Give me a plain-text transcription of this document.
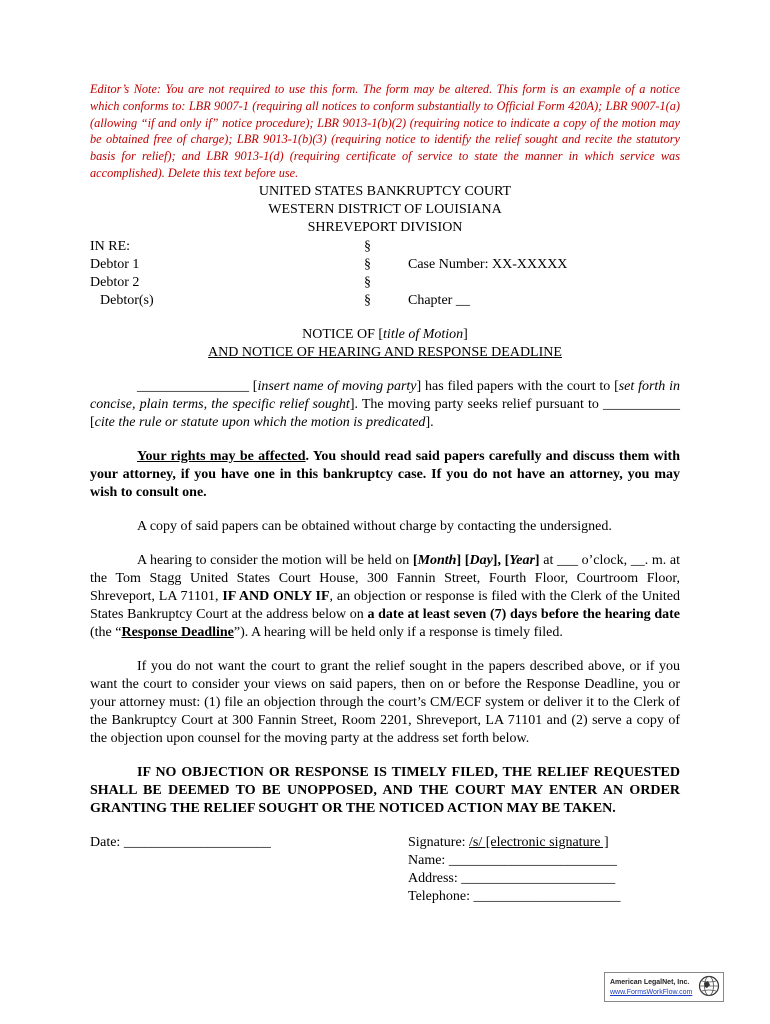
Editor’s Note: You are not required to use this form. The form may be altered. This form is an example of a notice which conforms to: LBR 9007-1 (requiring all notices to conform substantially to Official Form 420A); LBR 9007-1(a) (allowing “if and only if” notice procedure); LBR 9013-1(b)(2) (requiring notice to indicate a copy of the motion may be obtained free of charge); LBR 9013-1(b)(3) (requiring notice to identify the relief sought and recite the statutory basis for relief); and LBR 9013-1(d) (requiring certificate of service to state the manner in which service was accomplished). Delete this text before use.

UNITED STATES BANKRUPTCY COURT
WESTERN DISTRICT OF LOUISIANA
SHREVEPORT DIVISION
IN RE:
Debtor 1
Debtor 2
Debtor(s)
§
§
§
§

Case Number: XX-XXXXX

Chapter __
NOTICE OF [title of Motion]
AND NOTICE OF HEARING AND RESPONSE DEADLINE

________________ [insert name of moving party] has filed papers with the court to [set forth in concise, plain terms, the specific relief sought]. The moving party seeks relief pursuant to ___________ [cite the rule or statute upon which the motion is predicated].

Your rights may be affected. You should read said papers carefully and discuss them with your attorney, if you have one in this bankruptcy case. If you do not have an attorney, you may wish to consult one.

A copy of said papers can be obtained without charge by contacting the undersigned.

A hearing to consider the motion will be held on [Month] [Day], [Year] at ___ o’clock, __. m. at the Tom Stagg United States Court House, 300 Fannin Street, Fourth Floor, Courtroom Floor, Shreveport, LA 71101, IF AND ONLY IF, an objection or response is filed with the Clerk of the United States Bankruptcy Court at the address below on a date at least seven (7) days before the hearing date (the “Response Deadline”). A hearing will be held only if a response is timely filed.

If you do not want the court to grant the relief sought in the papers described above, or if you want the court to consider your views on said papers, then on or before the Response Deadline, you or your attorney must: (1) file an objection through the court’s CM/ECF system or deliver it to the Clerk of the Bankruptcy Court at 300 Fannin Street, Room 2201, Shreveport, LA 71101 and (2) serve a copy of the objection upon counsel for the moving party at the address set forth below.

IF NO OBJECTION OR RESPONSE IS TIMELY FILED, THE RELIEF REQUESTED SHALL BE DEEMED TO BE UNOPPOSED, AND THE COURT MAY ENTER AN ORDER GRANTING THE RELIEF SOUGHT OR THE NOTICED ACTION MAY BE TAKEN.

Date: _____________________	Signature: /s/ [electronic signature ]
Name: ________________________
Address: ______________________
Telephone: _____________________
American LegalNet, Inc.
www.FormsWorkFlow.com
